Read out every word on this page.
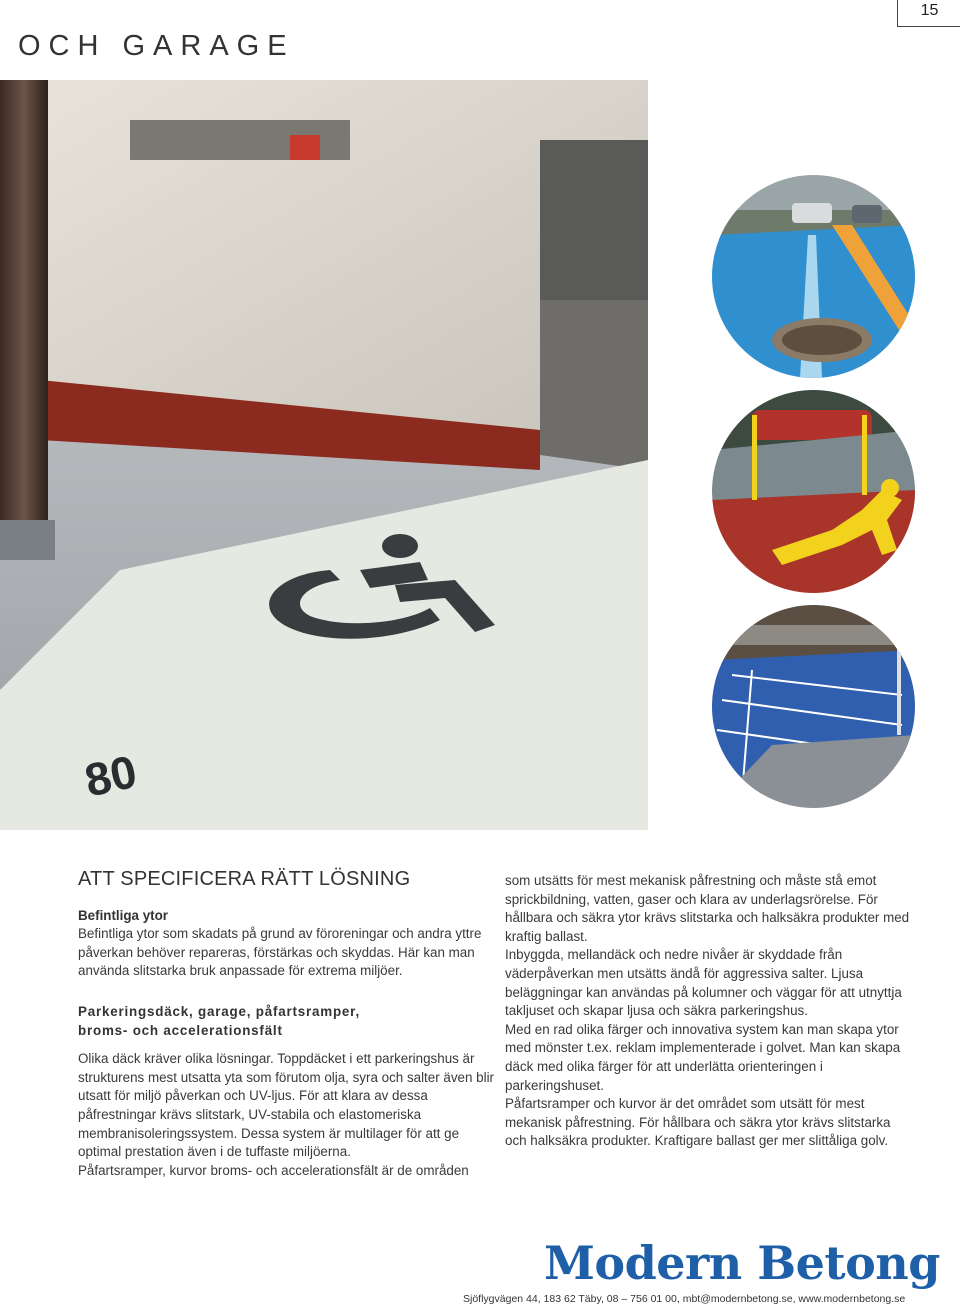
15
OCH GARAGE
80
ATT SPECIFICERA RÄTT LÖSNING

Befintliga ytor

Befintliga ytor som skadats på grund av föroreningar och andra yttre påverkan behöver repareras, förstärkas och skyddas. Här kan man använda slitstarka bruk anpassade för extrema miljöer.

Parkeringsdäck, garage, påfartsramper,
broms- och accelerationsfält

Olika däck kräver olika lösningar. Toppdäcket i ett parkeringshus är strukturens mest utsatta yta som förutom olja, syra och salter även blir utsatt för miljö påverkan och UV-ljus. För att klara av dessa påfrestningar krävs slitstark, UV-stabila och elastomeriska membranisoleringssystem. Dessa system är multilager för att ge optimal prestation även i de tuffaste miljöerna.

Påfartsramper, kurvor broms- och accelerationsfält är de områden

som utsätts för mest mekanisk påfrestning och måste stå emot sprickbildning, vatten, gaser och klara av underlagsrörelse. För hållbara och säkra ytor krävs slitstarka och halksäkra produkter med kraftig ballast.

Inbyggda, mellandäck och nedre nivåer är skyddade från väderpåverkan men utsätts ändå för aggressiva salter. Ljusa beläggningar kan användas på kolumner och väggar för att utnyttja takljuset och skapar ljusa och säkra parkeringshus.

Med en rad olika färger och innovativa system kan man skapa ytor med mönster t.ex. reklam implementerade i golvet. Man kan skapa däck med olika färger för att underlätta orienteringen i parkeringshuset.

Påfartsramper och kurvor är det området som utsätt för mest mekanisk påfrestning. För hållbara och säkra ytor krävs slitstarka och halksäkra produkter. Kraftigare ballast ger mer slittåliga golv.

Modern Betong
Sjöflygvägen 44, 183 62 Täby, 08 – 756 01 00, mbt@modernbetong.se, www.modernbetong.se
